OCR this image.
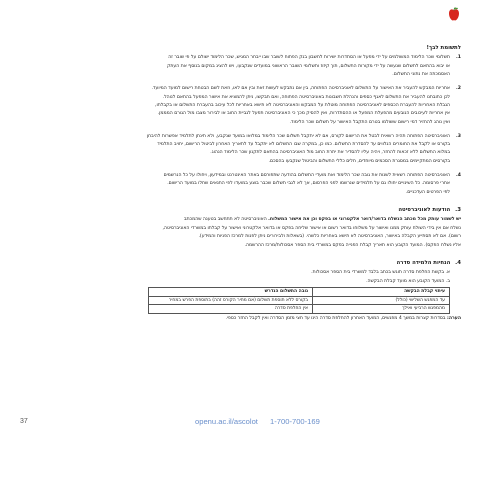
לתשומת לבך!
1.
תשלומי שכר הלימוד המשולמים על ידי מפעל או הסתדרות ישירות לחשבון בנק הפתוח לשובר שבו ייבחר המגיש, שכר הלימוד ישולם על פי שובר זה
או יבוא בהתאם לתשלום שנעשה על ידי מקורות התשלום, תוך קיזוז ותשלומי השובר הראשוני במועדים שנקבעו, ויש להציג במקום בנוסף את העתק
האסמכתה את נתוני התשלום.
2.
אחריות המבקש להעביר את האישור על התשלום לאוניברסיטה הפתוחה, בין אם נתבקש לעשות זאת ובין אם לאו, וזאת לשם הבטחת רישום למועד המיועד.
לכן כתובתנו להעביר את התשלום לאגף כספים והנהלת חשבונות באוניברסיטה הפתוחה, ואם תבקשו, ניתן להמציא את אישור המפעל בהתאם לנוהל.
הגבלת האחריות להעברת הכספים לאוניברסיטה הפתוחה מוטלת על המבקש והאוניברסיטה לא תישא באחריות לכל עיכוב בהעברת התשלום או בקבלתו,
אין אחריות לעיכובים הנובעים מהפעלת המפעל או ההסתדרות, ואין להסיק מכך כי האוניברסיטה תפעל לגביית החוב או לבירור מצבו מול הגורם המממן.
ואין נוהג להחזיר דמי רישום ששולמו בטרם התקבל האישור על תשלום שכר הלימוד.
3.
האוניברסיטה הפתוחה תהיה רשאית לבטל את הרישום לקורס, אם לא יתקבל תשלום שכר הלימוד במלואו במועד שנקבע, ולא תינתן לתלמיד אפשרות להיבחן
בקורס או לקבל את החומרים הנלווים עד להסדרת התשלום. כמו כן, במקרה שבו התשלום לא יתקבל עד לתאריך האחרון לביטול הרישום, יחויב התלמיד
במלוא התשלום ללא זכאות להחזר, ויהיה עליו להסדיר את יתרת החוב מול האוניברסיטה בהתאם לתקנון שכר הלימוד הנהוג.
בקורסים המתקיימים במסגרת הסכמים מיוחדים, חלים כללי התשלום והביטול שנקבעו בהסכם.
4.
האוניברסיטה הפתוחה רשאית לשנות את גובה שכר הלימוד ואת מועדי התשלום בהודעה שתפורסם באתר האינטרנט ובמידעון, ויחולו על כל הנרשמים
אחרי פרסומה. כל השינויים יחולו גם על תלמידים שנרשמו לפני הפרסום, אך לא לגבי תשלום שכבר בוצע במועדו לפי התנאים שחלו במועד הרישום.
לפי הפרטים העדכניים.
3. הודעות לאוניברסיטה

יש לשמור עותק מכל מכתב הנשלח בדואר/דואר אלקטרוני או בפקס וכן את אישור המשלוח. האוניברסיטה לא תתחשב בטענה שהמכתב

נשלח אם אין בידי השולח עותק ממנו ואישור על משלוחו בדואר רשום או אישור שליחה בפקס או בדואר אלקטרוני ואישור על קבלתו במשרדי האוניברסיטה,

רשום). אם לא תסתייע הקבלה באישור, האוניברסיטה לא תישא באחריות כלשהי. (בשאלות ולבירורים ניתן לפנות למרכז הפניות והמידע).

אליו נשלח הפקס). המועד הקובע הוא תאריך קבלת הפנייה בפקס במשרדי בית הספר אסכולות/מרכז ההרשמה.

4. הנחיות הלמידה סדרה

א. בקשת החלפת סדרה תוגש בכתב בלבד למשרדי בית הספר אסכולות.

ב. המועד הקובע הוא מועד קבלת הבקשה.

עיתוי קבלת הבקשה	גובה התשלום הנדרש
עד המפגש השלישי (כולל)	בקורס ללא תוספת תשלום (אם מחיר הקורס זהה) בתוספת הפרש במחיר
מהמפגש הרביעי ואילך	אין החלפת סדרה

הערה: בסדרות קצרות במשך 4 מפגשים, המועד האחרון להחלפת סדרה הינו עד חצי מזמן הסדרה ואין לקבל החזר כספי.

37	openu.ac.il/ascolot 1-700-700-169
